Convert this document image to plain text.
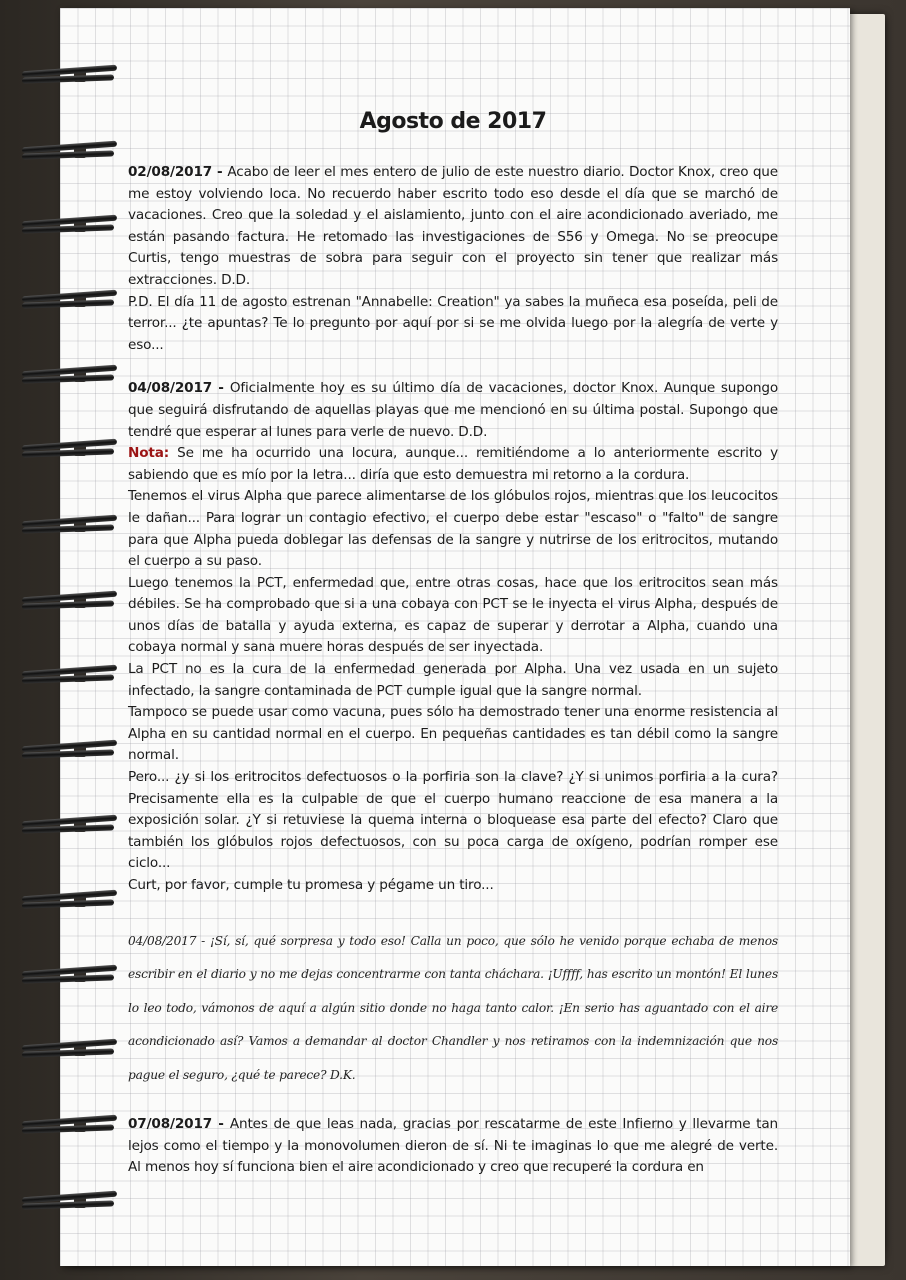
Agosto de 2017

02/08/2017 - Acabo de leer el mes entero de julio de este nuestro diario. Doctor Knox, creo que me estoy volviendo loca. No recuerdo haber escrito todo eso desde el día que se marchó de vacaciones. Creo que la soledad y el aislamiento, junto con el aire acondicionado averiado, me están pasando factura. He retomado las investigaciones de S56 y Omega. No se preocupe Curtis, tengo muestras de sobra para seguir con el proyecto sin tener que realizar más extracciones. D.D.

P.D. El día 11 de agosto estrenan "Annabelle: Creation" ya sabes la muñeca esa poseída, peli de terror... ¿te apuntas? Te lo pregunto por aquí por si se me olvida luego por la alegría de verte y eso...

04/08/2017 - Oficialmente hoy es su último día de vacaciones, doctor Knox. Aunque supongo que seguirá disfrutando de aquellas playas que me mencionó en su última postal. Supongo que tendré que esperar al lunes para verle de nuevo. D.D.

Nota: Se me ha ocurrido una locura, aunque... remitiéndome a lo anteriormente escrito y sabiendo que es mío por la letra... diría que esto demuestra mi retorno a la cordura.

Tenemos el virus Alpha que parece alimentarse de los glóbulos rojos, mientras que los leucocitos le dañan... Para lograr un contagio efectivo, el cuerpo debe estar "escaso" o "falto" de sangre para que Alpha pueda doblegar las defensas de la sangre y nutrirse de los eritrocitos, mutando el cuerpo a su paso.

Luego tenemos la PCT, enfermedad que, entre otras cosas, hace que los eritrocitos sean más débiles. Se ha comprobado que si a una cobaya con PCT se le inyecta el virus Alpha, después de unos días de batalla y ayuda externa, es capaz de superar y derrotar a Alpha, cuando una cobaya normal y sana muere horas después de ser inyectada.

La PCT no es la cura de la enfermedad generada por Alpha. Una vez usada en un sujeto infectado, la sangre contaminada de PCT cumple igual que la sangre normal.

Tampoco se puede usar como vacuna, pues sólo ha demostrado tener una enorme resistencia al Alpha en su cantidad normal en el cuerpo. En pequeñas cantidades es tan débil como la sangre normal.

Pero... ¿y si los eritrocitos defectuosos o la porfiria son la clave? ¿Y si unimos porfiria a la cura? Precisamente ella es la culpable de que el cuerpo humano reaccione de esa manera a la exposición solar. ¿Y si retuviese la quema interna o bloquease esa parte del efecto? Claro que también los glóbulos rojos defectuosos, con su poca carga de oxígeno, podrían romper ese ciclo...

Curt, por favor, cumple tu promesa y pégame un tiro...

04/08/2017 - ¡Sí, sí, qué sorpresa y todo eso! Calla un poco, que sólo he venido porque echaba de menos escribir en el diario y no me dejas concentrarme con tanta cháchara. ¡Uffff, has escrito un montón! El lunes lo leo todo, vámonos de aquí a algún sitio donde no haga tanto calor. ¡En serio has aguantado con el aire acondicionado así? Vamos a demandar al doctor Chandler y nos retiramos con la indemnización que nos pague el seguro, ¿qué te parece? D.K.

07/08/2017 - Antes de que leas nada, gracias por rescatarme de este Infierno y llevarme tan lejos como el tiempo y la monovolumen dieron de sí. Ni te imaginas lo que me alegré de verte. Al menos hoy sí funciona bien el aire acondicionado y creo que recuperé la cordura en
